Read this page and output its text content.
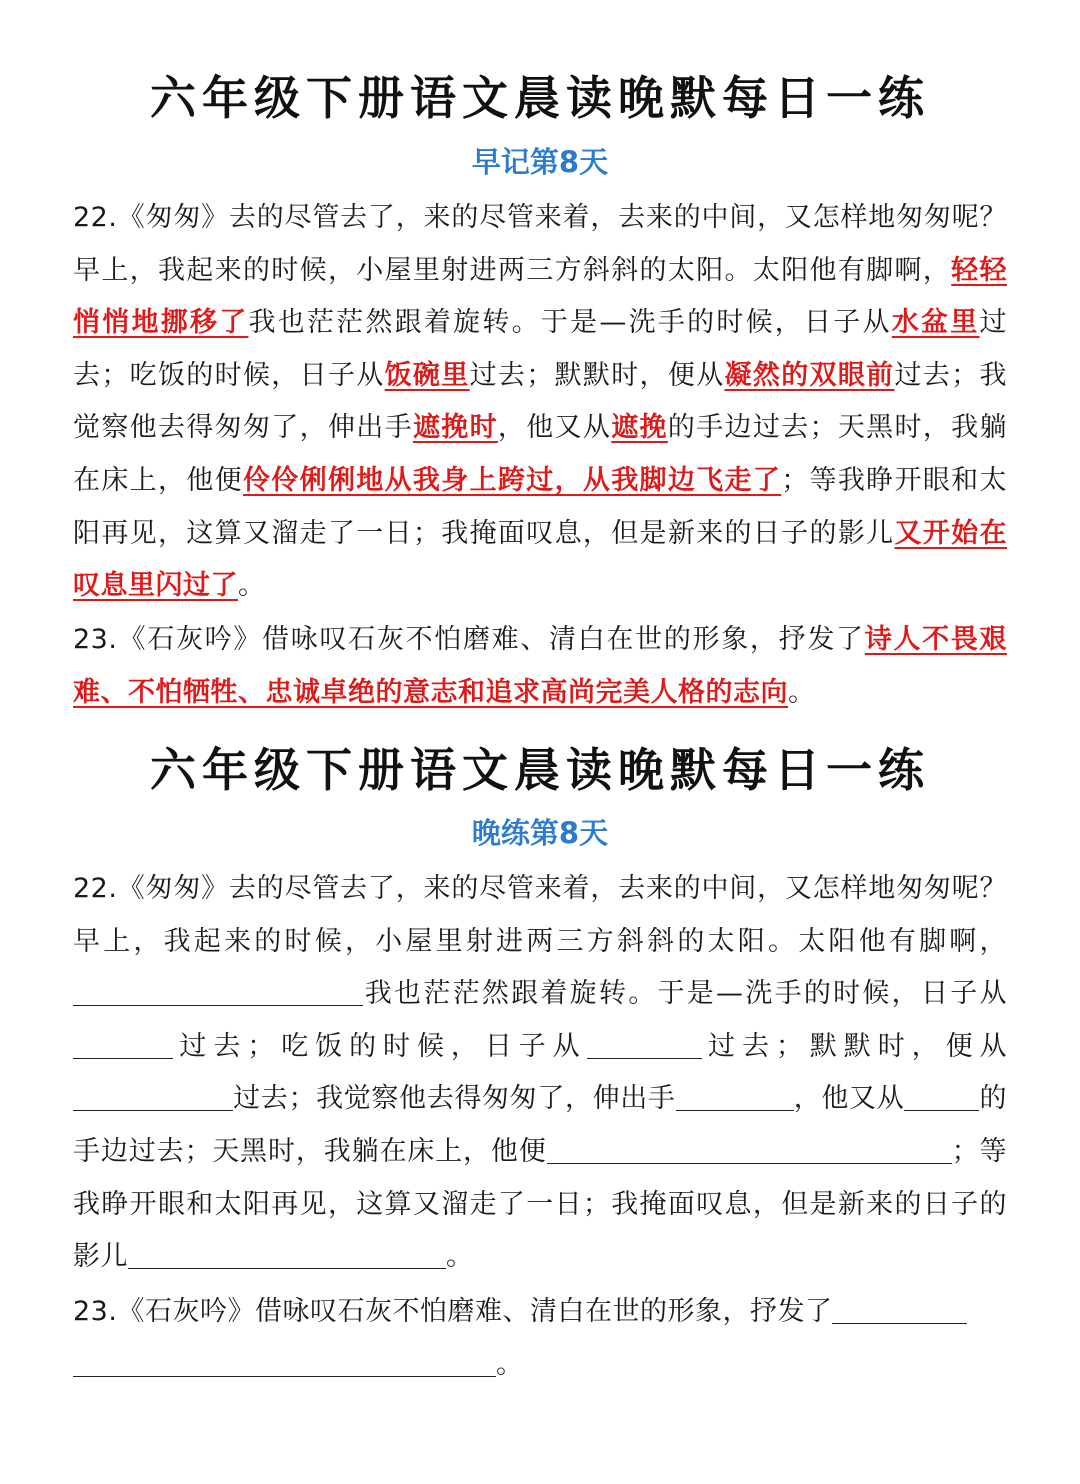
六年级下册语文晨读晚默每日一练
早记第8天
22.《匆匆》去的尽管去了，来的尽管来着，去来的中间，又怎样地匆匆呢？早上，我起来的时候，小屋里射进两三方斜斜的太阳。太阳他有脚啊，轻轻悄悄地挪移了我也茫茫然跟着旋转。于是—洗手的时候，日子从水盆里过去；吃饭的时候，日子从饭碗里过去；默默时，便从凝然的双眼前过去；我觉察他去得匆匆了，伸出手遮挽时，他又从遮挽的手边过去；天黑时，我躺在床上，他便伶伶俐俐地从我身上跨过，从我脚边飞走了；等我睁开眼和太阳再见，这算又溜走了一日；我掩面叹息，但是新来的日子的影儿又开始在叹息里闪过了。
23.《石灰吟》借咏叹石灰不怕磨难、清白在世的形象，抒发了诗人不畏艰难、不怕牺牲、忠诚卓绝的意志和追求高尚完美人格的志向。
六年级下册语文晨读晚默每日一练
晚练第8天
22.《匆匆》去的尽管去了，来的尽管来着，去来的中间，又怎样地匆匆呢？早上，我起来的时候，小屋里射进两三方斜斜的太阳。太阳他有脚啊，我也茫茫然跟着旋转。于是—洗手的时候，日子从过去；吃饭的时候，日子从	过去；默默时，便从过去；我觉察他去得匆匆了，伸出手	，他又从	的手边过去；天黑时，我躺在床上，他便	；等我睁开眼和太阳再见，这算又溜走了一日；我掩面叹息，但是新来的日子的影儿	。
23.《石灰吟》借咏叹石灰不怕磨难、清白在世的形象，抒发了
。
